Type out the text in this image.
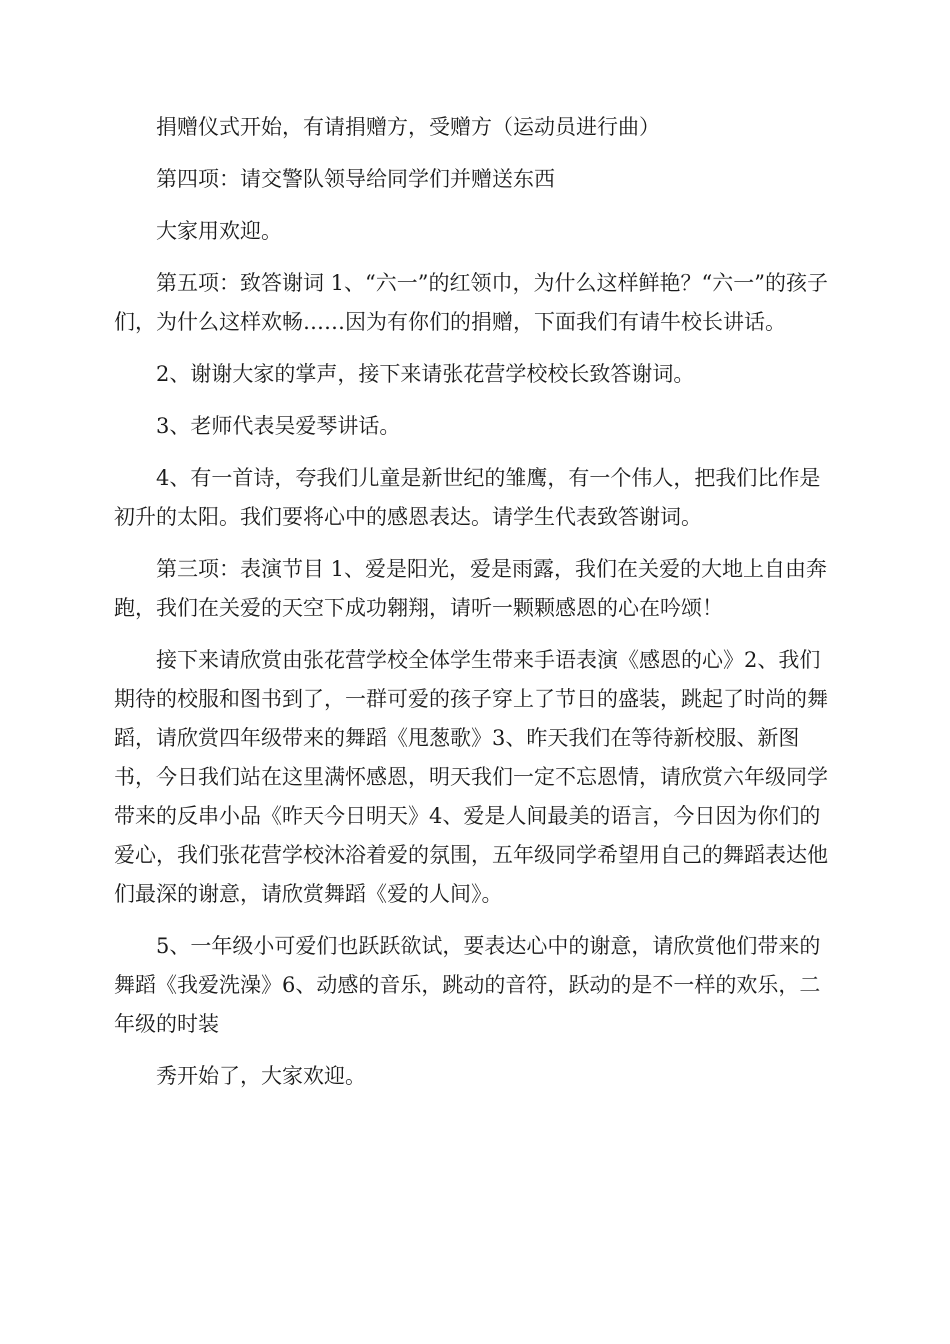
捐赠仪式开始，有请捐赠方，受赠方（运动员进行曲）

第四项：请交警队领导给同学们并赠送东西

大家用欢迎。

第五项：致答谢词 1、“六一”的红领巾，为什么这样鲜艳？“六一”的孩子们，为什么这样欢畅……因为有你们的捐赠，下面我们有请牛校长讲话。

2、谢谢大家的掌声，接下来请张花营学校校长致答谢词。

3、老师代表吴爱琴讲话。

4、有一首诗，夸我们儿童是新世纪的雏鹰，有一个伟人，把我们比作是初升的太阳。我们要将心中的感恩表达。请学生代表致答谢词。

第三项：表演节目 1、爱是阳光，爱是雨露，我们在关爱的大地上自由奔跑，我们在关爱的天空下成功翱翔，请听一颗颗感恩的心在吟颂！

接下来请欣赏由张花营学校全体学生带来手语表演《感恩的心》2、我们期待的校服和图书到了，一群可爱的孩子穿上了节日的盛装，跳起了时尚的舞蹈，请欣赏四年级带来的舞蹈《甩葱歌》3、昨天我们在等待新校服、新图书，今日我们站在这里满怀感恩，明天我们一定不忘恩情，请欣赏六年级同学带来的反串小品《昨天今日明天》4、爱是人间最美的语言，今日因为你们的爱心，我们张花营学校沐浴着爱的氛围，五年级同学希望用自己的舞蹈表达他们最深的谢意，请欣赏舞蹈《爱的人间》。

5、一年级小可爱们也跃跃欲试，要表达心中的谢意，请欣赏他们带来的舞蹈《我爱洗澡》6、动感的音乐，跳动的音符，跃动的是不一样的欢乐，二年级的时装

秀开始了，大家欢迎。
